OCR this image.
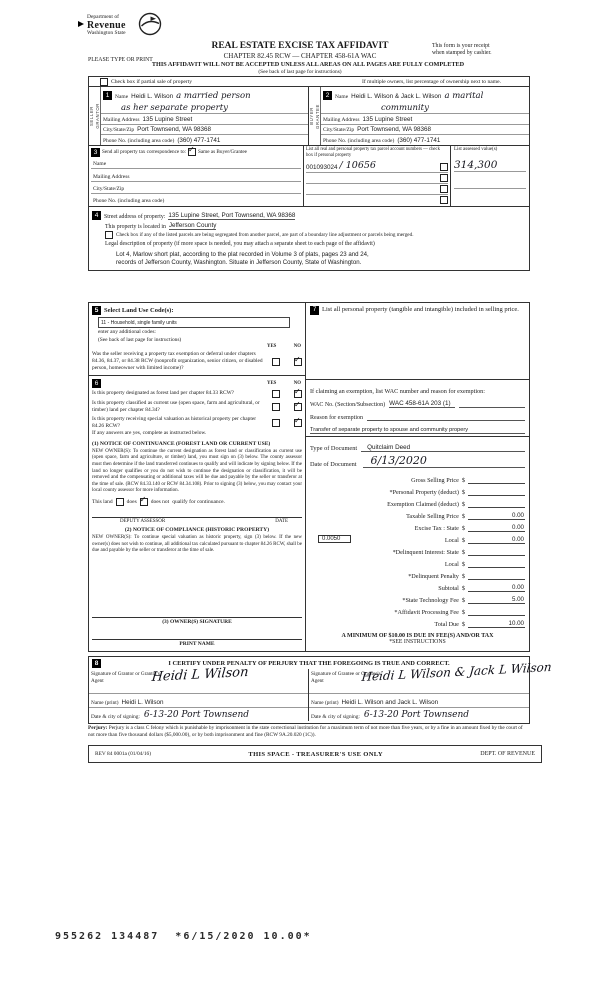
Department of
Revenue
Washington State
REAL ESTATE EXCISE TAX AFFIDAVIT	This form is your receipt
when stamped by cashier.
PLEASE TYPE OR PRINT	CHAPTER 82.45 RCW — CHAPTER 458-61A WAC
THIS AFFIDAVIT WILL NOT BE ACCEPTED UNLESS ALL AREAS ON ALL PAGES ARE FULLY COMPLETED
(See back of last page for instructions)
Check box if partial sale of property	If multiple owners, list percentage of ownership next to name.
SELLER GRANTOR
1	Name Heidi L. Wilson a married person
as her separate property
Mailing Address 135 Lupine Street
City/State/Zip Port Townsend, WA 98368
Phone No. (including area code) (360) 477-1741
BUYER GRANTEE
2	Name Heidi L. Wilson & Jack L. Wilson a marital
community
Mailing Address 135 Lupine Street
City/State/Zip Port Townsend, WA 98368
Phone No. (including area code) (360) 477-1741
3 Send all property tax correspondence to: ✓ Same as Buyer/Grantee
Name
Mailing Address
City/State/Zip
Phone No. (including area code)
List all real and personal property tax parcel account numbers — check box if personal property
001093024 / 10656
List assessed value(s)
314,300
4 Street address of property: 135 Lupine Street, Port Townsend, WA 98368
This property is located in Jefferson County
Check box if any of the listed parcels are being segregated from another parcel, are part of a boundary line adjustment or parcels being merged.
Legal description of property (if more space is needed, you may attach a separate sheet to each page of the affidavit)
Lot 4, Marlow short plat, according to the plat recorded in Volume 3 of plats, pages 23 and 24,
records of Jefferson County, Washington. Situate in Jefferson County, State of Washington.
5 Select Land Use Code(s):
11 - Household, single family units
enter any additional codes:
(See back of last page for instructions)
YES	NO
Was the seller receiving a property tax exemption or deferral under chapters 84.36, 84.37, or 84.38 RCW (nonprofit organization, senior citizen, or disabled person, homeowner with limited income)?
✓
6	YES	NO
Is this property designated as forest land per chapter 84.33 RCW?
✓
Is this property classified as current use (open space, farm and agricultural, or timber) land per chapter 84.34?
✓
Is this property receiving special valuation as historical property per chapter 84.26 RCW?
✓
If any answers are yes, complete as instructed below.
(1) NOTICE OF CONTINUANCE (FOREST LAND OR CURRENT USE)
NEW OWNER(S): To continue the current designation as forest land or classification as current use (open space, farm and agriculture, or timber) land, you must sign on (3) below. The county assessor must then determine if the land transferred continues to qualify and will indicate by signing below. If the land no longer qualifies or you do not wish to continue the designation or classification, it will be removed and the compensating or additional taxes will be due and payable by the seller or transferor at the time of sale. (RCW 84.33.140 or RCW 84.34.108). Prior to signing (3) below, you may contact your local county assessor for more information.
This land	does ✓	does not qualify for continuance.
DEPUTY ASSESSOR	DATE
(2) NOTICE OF COMPLIANCE (HISTORIC PROPERTY)
NEW OWNER(S): To continue special valuation as historic property, sign (3) below. If the new owner(s) does not wish to continue, all additional tax calculated pursuant to chapter 84.26 RCW, shall be due and payable by the seller or transferor at the time of sale.
(3) OWNER(S) SIGNATURE
PRINT NAME
7 List all personal property (tangible and intangible) included in selling price.
If claiming an exemption, list WAC number and reason for exemption:
WAC No. (Section/Subsection) WAC 458-61A 203 (1)
Reason for exemption
Transfer of separate property to spouse and community propery
Type of Document	Quitclaim Deed
Date of Document	6/13/2020
Gross Selling Price $
*Personal Property (deduct) $
Exemption Claimed (deduct) $
Taxable Selling Price $	0.00
Excise Tax : State $	0.00
0.0050	Local $	0.00
*Delinquent Interest: State $
Local $
*Delinquent Penalty $
Subtotal $	0.00
*State Technology Fee $	5.00
*Affidavit Processing Fee $
Total Due $	10.00
A MINIMUM OF $10.00 IS DUE IN FEE(S) AND/OR TAX
*SEE INSTRUCTIONS
8	I CERTIFY UNDER PENALTY OF PERJURY THAT THE FOREGOING IS TRUE AND CORRECT.
Signature of Grantor or Grantor's Agent	Heidi L Wilson
Name (print) Heidi L. Wilson
Date & city of signing: 6-13-20 Port Townsend
Signature of Grantee or Grantee's Agent	Heidi L Wilson & Jack L Wilson
Name (print) Heidi L. Wilson and Jack L. Wilson
Date & city of signing: 6-13-20 Port Townsend
Perjury: Perjury is a class C felony which is punishable by imprisonment in the state correctional institution for a maximum term of not more than five years, or by a fine in an amount fixed by the court of not more than five thousand dollars ($5,000.00), or by both imprisonment and fine (RCW 9A.20.020 (1C)).
REV 84 0001a (01/04/16)	THIS SPACE - TREASURER'S USE ONLY	DEPT. OF REVENUE
955262 134487  *6/15/2020 10.00*
